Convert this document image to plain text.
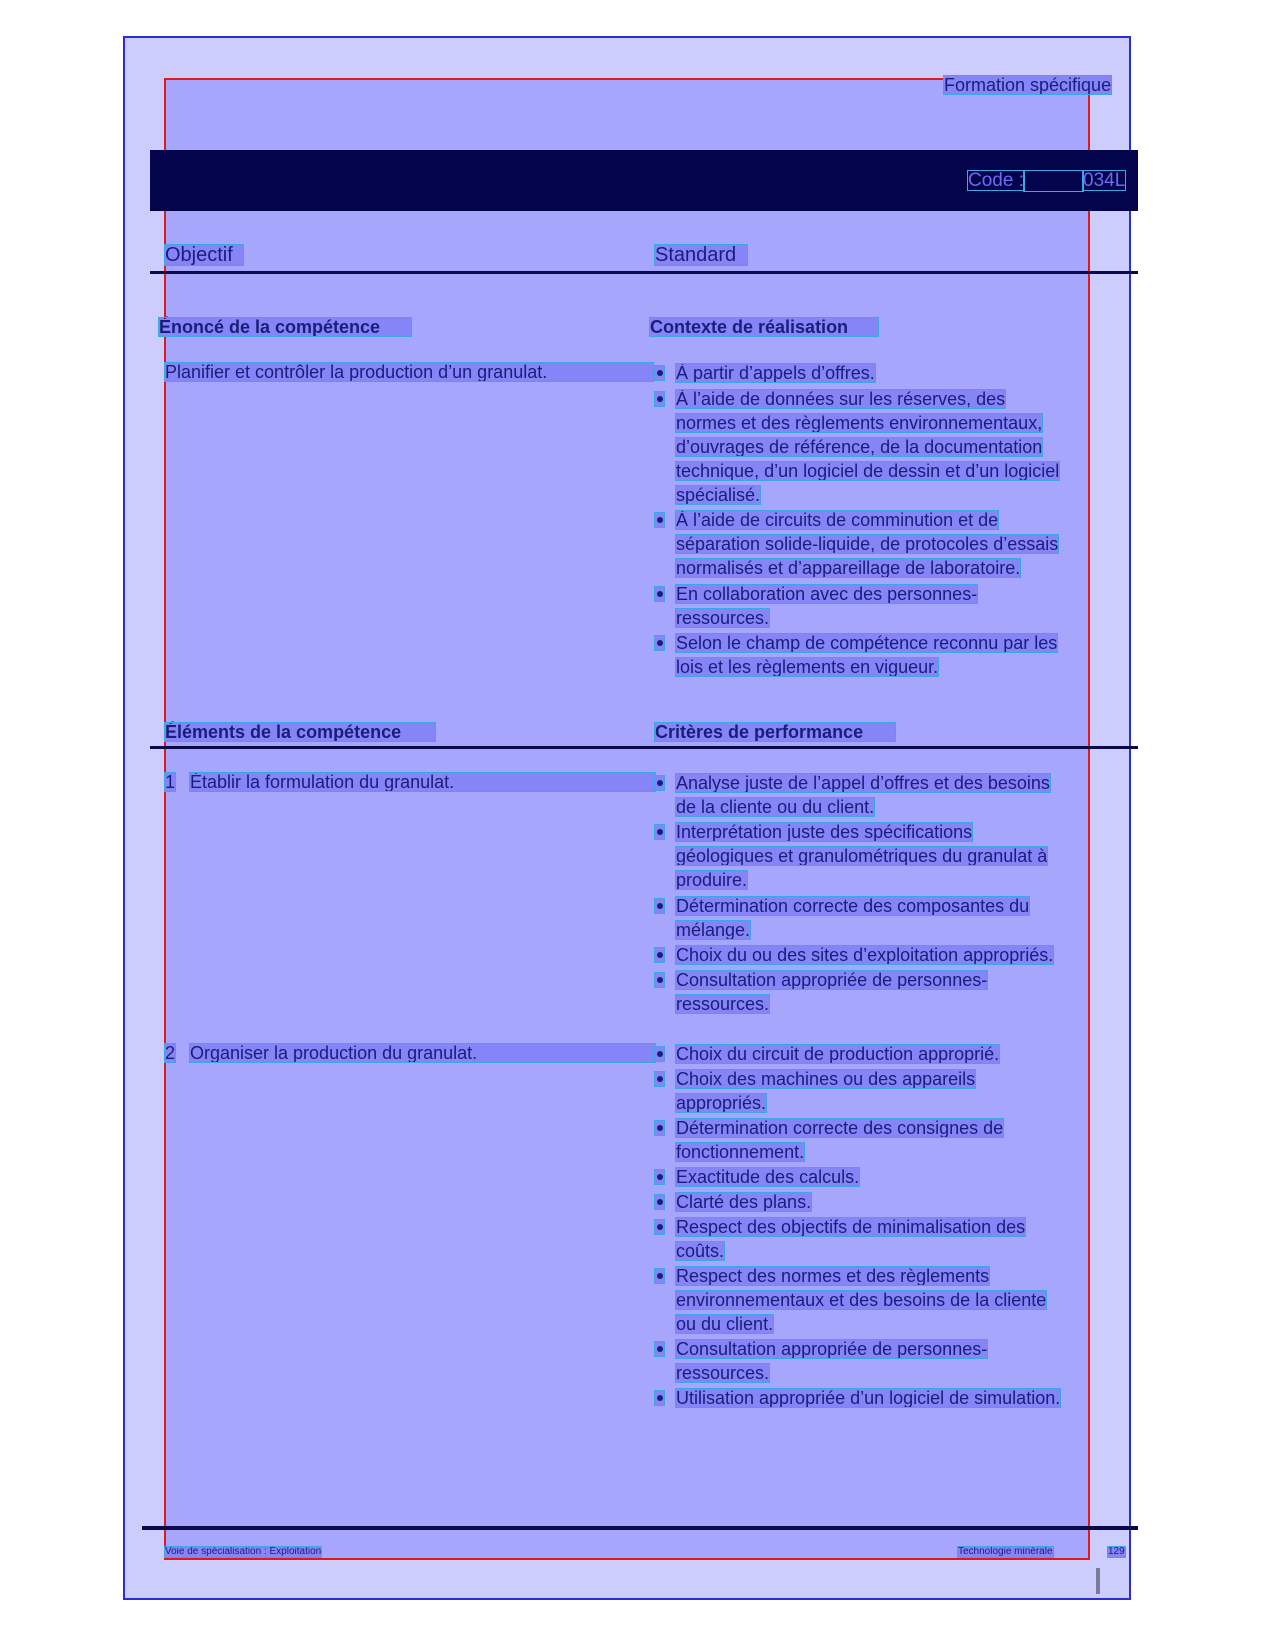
Formation spécifique
Code :	034L
Objectif	Standard
Énoncé de la compétence	Contexte de réalisation
Planifier et contrôler la production d’un granulat.	À partir d’appels d’offres.
À l’aide de données sur les réserves, des
normes et des règlements environnementaux,
d’ouvrages de référence, de la documentation
technique, d’un logiciel de dessin et d’un logiciel
spécialisé.
À l’aide de circuits de comminution et de
séparation solide-liquide, de protocoles d’essais
normalisés et d’appareillage de laboratoire.
En collaboration avec des personnes-
ressources.
Selon le champ de compétence reconnu par les
lois et les règlements en vigueur.
Éléments de la compétence	Critères de performance
1 Établir la formulation du granulat.	Analyse juste de l’appel d’offres et des besoins
de la cliente ou du client.
Interprétation juste des spécifications
géologiques et granulométriques du granulat à
produire.
Détermination correcte des composantes du
mélange.
Choix du ou des sites d’exploitation appropriés.
Consultation appropriée de personnes-
ressources.
2 Organiser la production du granulat.	Choix du circuit de production approprié.
Choix des machines ou des appareils
appropriés.
Détermination correcte des consignes de
fonctionnement.
Exactitude des calculs.
Clarté des plans.
Respect des objectifs de minimalisation des
coûts.
Respect des normes et des règlements
environnementaux et des besoins de la cliente
ou du client.
Consultation appropriée de personnes-
ressources.
Utilisation appropriée d’un logiciel de simulation.
Voie de spécialisation : Exploitation	Technologie minérale	129
